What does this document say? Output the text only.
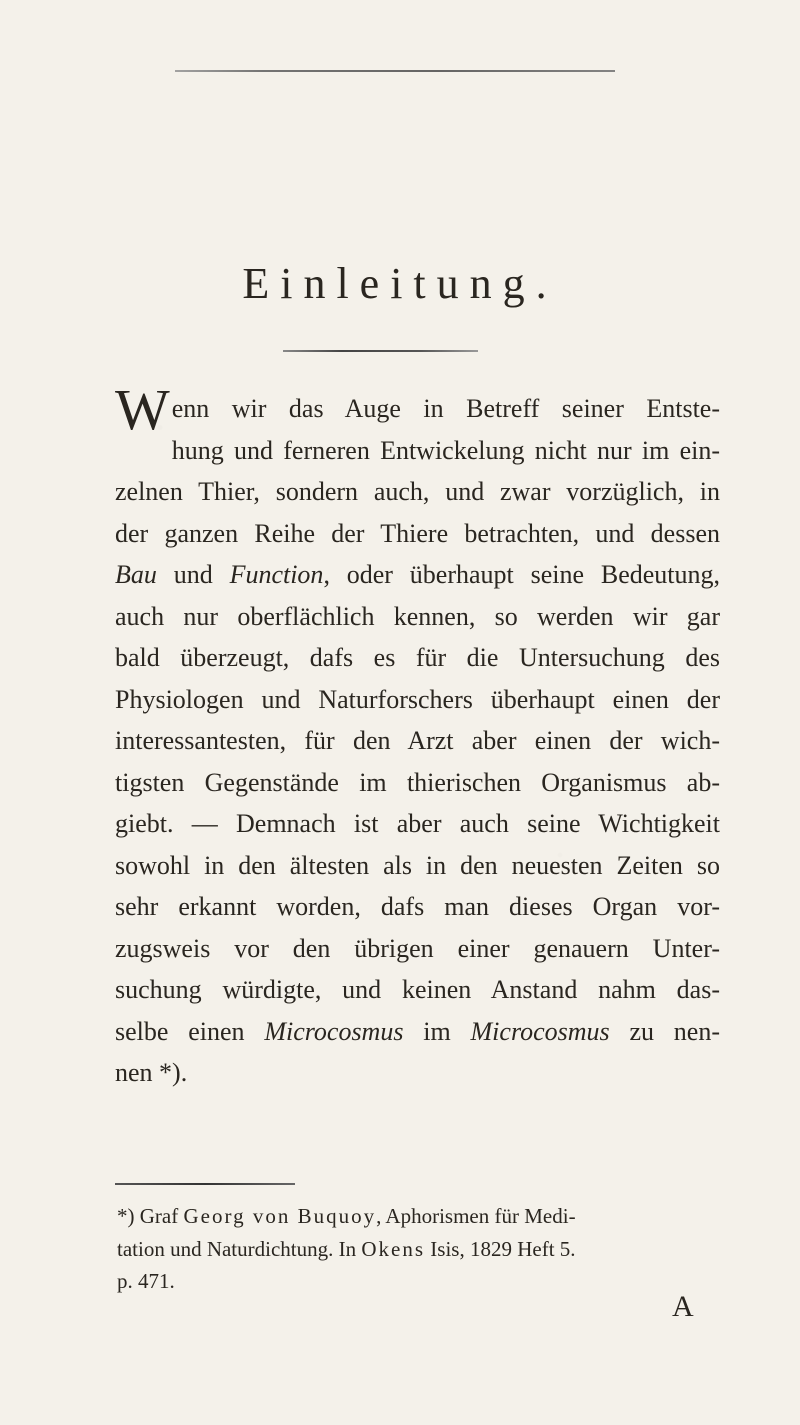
Einleitung.
Wenn wir das Auge in Betreff seiner Entste-
hung und ferneren Entwickelung nicht nur im ein-
zelnen Thier, sondern auch, und zwar vorzüglich, in
der ganzen Reihe der Thiere betrachten, und dessen
Bau und Function, oder überhaupt seine Bedeutung,
auch nur oberflächlich kennen, so werden wir gar
bald überzeugt, dafs es für die Untersuchung des
Physiologen und Naturforschers überhaupt einen der
interessantesten, für den Arzt aber einen der wich-
tigsten Gegenstände im thierischen Organismus ab-
giebt. — Demnach ist aber auch seine Wichtigkeit
sowohl in den ältesten als in den neuesten Zeiten so
sehr erkannt worden, dafs man dieses Organ vor-
zugsweis vor den übrigen einer genauern Unter-
suchung würdigte, und keinen Anstand nahm das-
selbe einen Microcosmus im Microcosmus zu nen-
nen *).
*) Graf Georg von Buquoy, Aphorismen für Medi-
tation und Naturdichtung. In Okens Isis, 1829 Heft 5.
p. 471.
A
